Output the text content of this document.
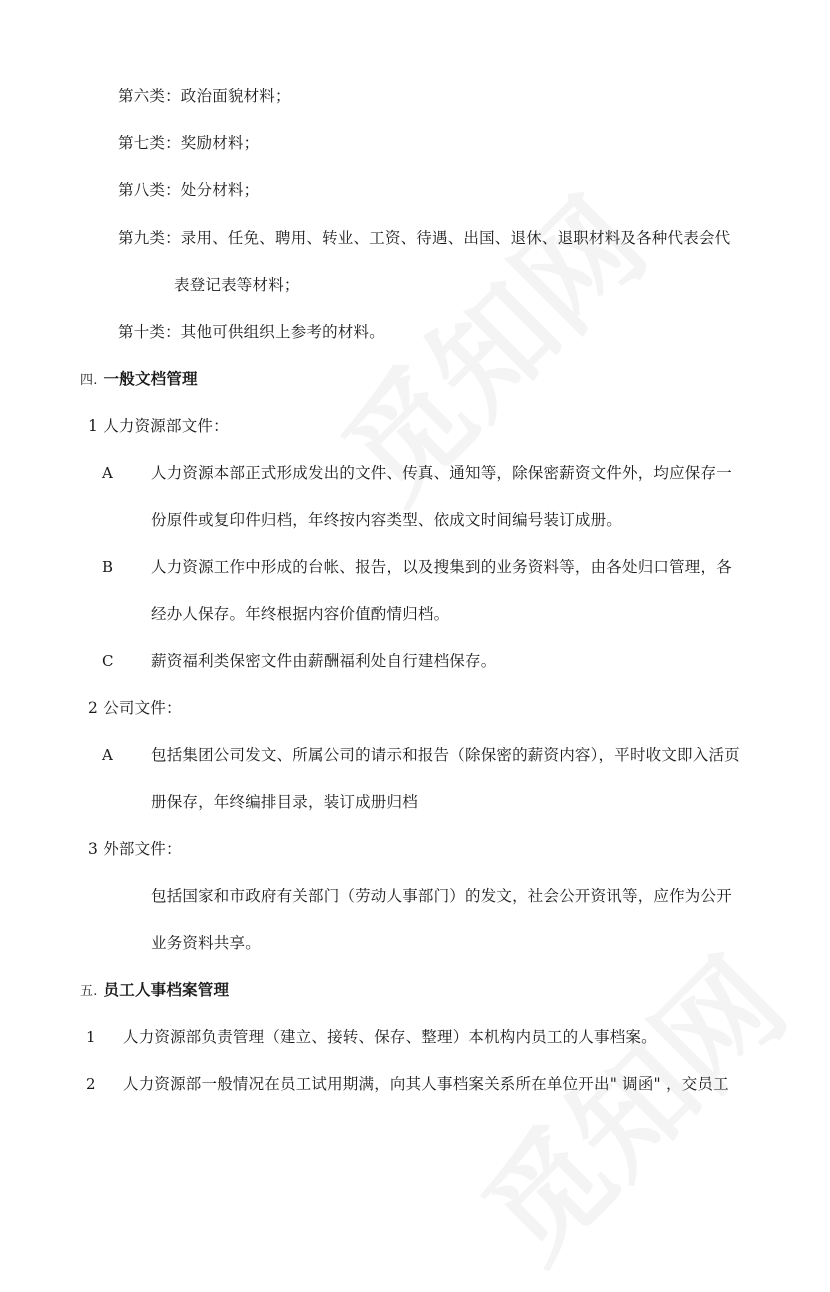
第六类：政治面貌材料；
第七类：奖励材料；
第八类：处分材料；
第九类：录用、任免、聘用、转业、工资、待遇、出国、退休、退职材料及各种代表会代
表登记表等材料；
第十类：其他可供组织上参考的材料。
四. 一般文档管理
1 人力资源部文件：
A 人力资源本部正式形成发出的文件、传真、通知等，除保密薪资文件外，均应保存一
份原件或复印件归档，年终按内容类型、依成文时间编号装订成册。
B 人力资源工作中形成的台帐、报告，以及搜集到的业务资料等，由各处归口管理，各
经办人保存。年终根据内容价值酌情归档。
C 薪资福利类保密文件由薪酬福利处自行建档保存。
2 公司文件：
A 包括集团公司发文、所属公司的请示和报告（除保密的薪资内容），平时收文即入活页
册保存，年终编排目录，装订成册归档
3 外部文件：
包括国家和市政府有关部门（劳动人事部门）的发文，社会公开资讯等，应作为公开
业务资料共享。
五. 员工人事档案管理
1 人力资源部负责管理（建立、接转、保存、整理）本机构内员工的人事档案。
2 人力资源部一般情况在员工试用期满，向其人事档案关系所在单位开出" 调函" ，交员工
